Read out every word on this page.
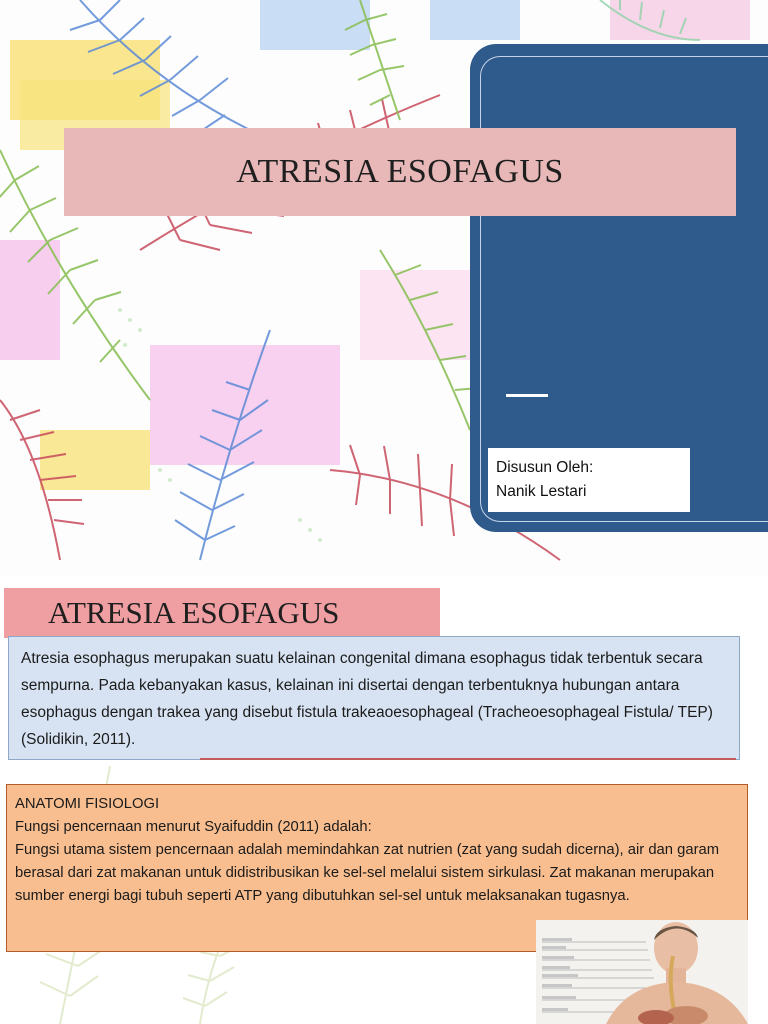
ATRESIA ESOFAGUS
Disusun Oleh:
Nanik Lestari
ATRESIA ESOFAGUS
Atresia esophagus merupakan suatu kelainan congenital dimana esophagus tidak terbentuk secara sempurna. Pada kebanyakan kasus, kelainan ini disertai dengan terbentuknya hubungan antara esophagus dengan trakea yang disebut fistula trakeaoesophageal (Tracheoesophageal Fistula/ TEP) (Solidikin, 2011).

ANATOMI FISIOLOGI

Fungsi pencernaan menurut Syaifuddin (2011) adalah:

Fungsi utama sistem pencernaan adalah memindahkan zat nutrien (zat yang sudah dicerna), air dan garam berasal dari zat makanan untuk didistribusikan ke sel-sel melalui sistem sirkulasi. Zat makanan merupakan sumber energi bagi tubuh seperti ATP yang dibutuhkan sel-sel untuk melaksanakan tugasnya.
